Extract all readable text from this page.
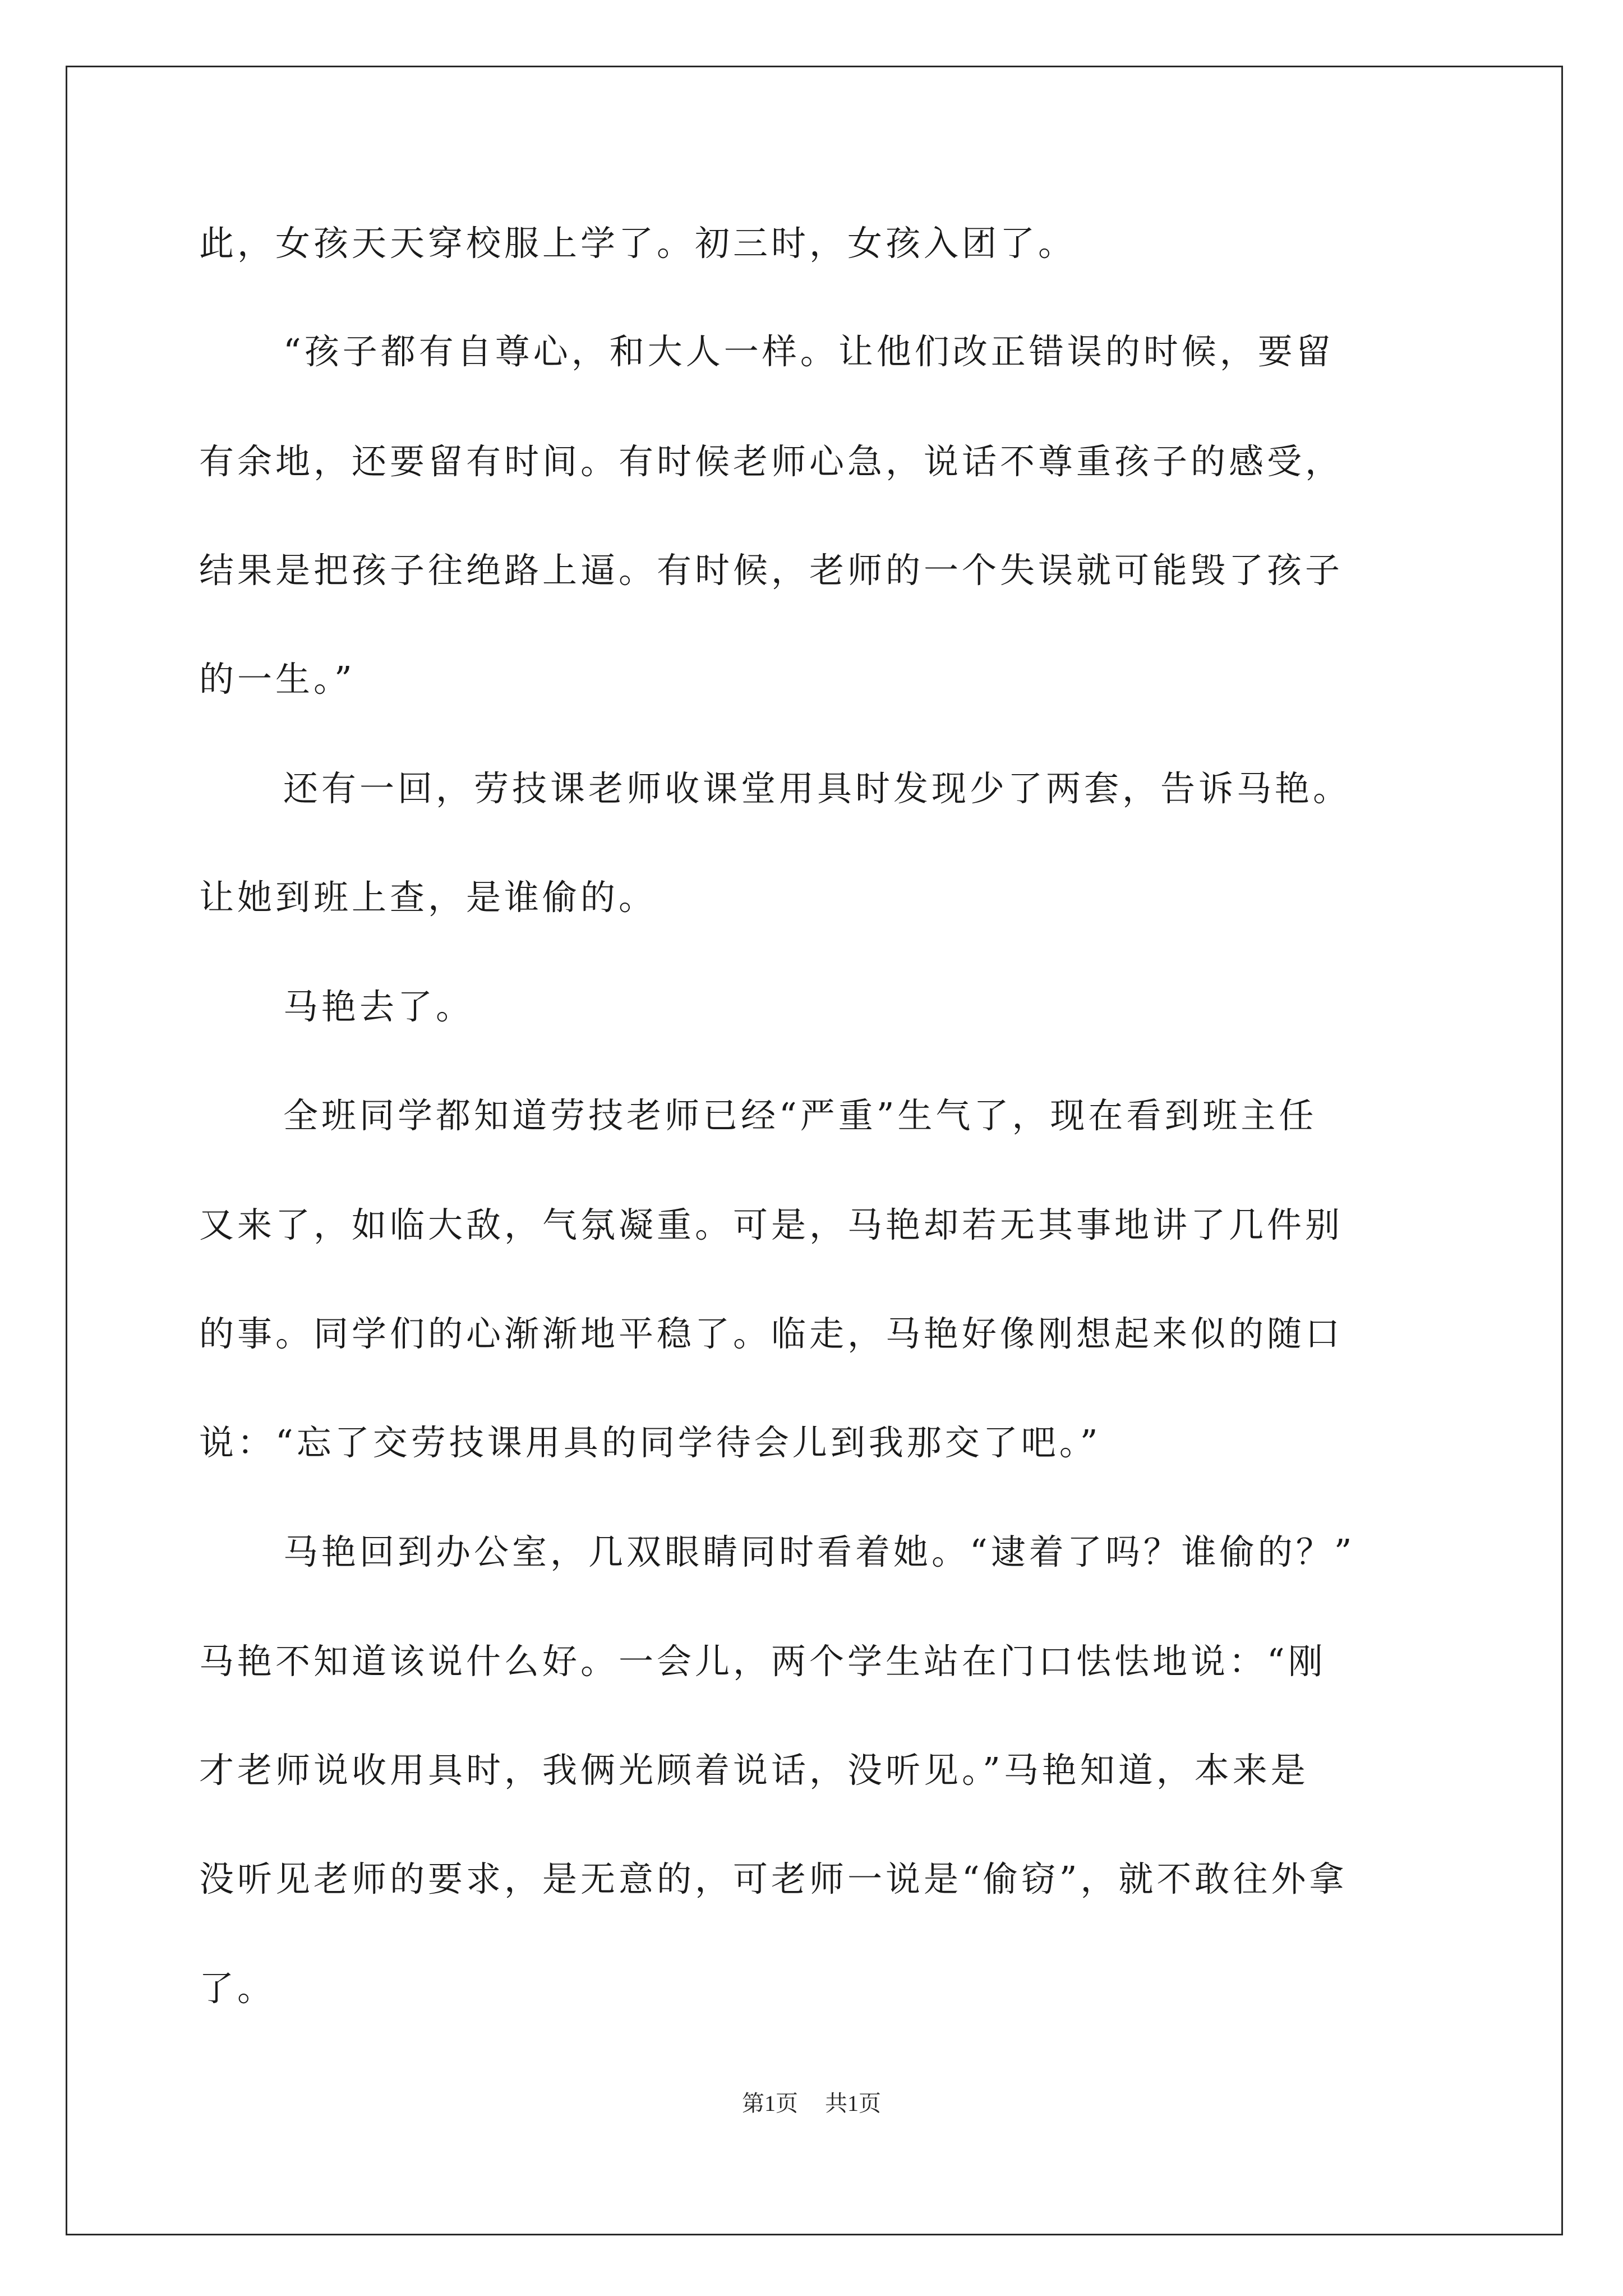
此，女孩天天穿校服上学了。初三时，女孩入团了。
“孩子都有自尊心，和大人一样。让他们改正错误的时候，要留
有余地，还要留有时间。有时候老师心急，说话不尊重孩子的感受，
结果是把孩子往绝路上逼。有时候，老师的一个失误就可能毁了孩子
的一生。”
还有一回，劳技课老师收课堂用具时发现少了两套，告诉马艳。
让她到班上查，是谁偷的。
马艳去了。
全班同学都知道劳技老师已经“严重”生气了，现在看到班主任
又来了，如临大敌，气氛凝重。可是，马艳却若无其事地讲了几件别
的事。同学们的心渐渐地平稳了。临走，马艳好像刚想起来似的随口
说：“忘了交劳技课用具的同学待会儿到我那交了吧。”
马艳回到办公室，几双眼睛同时看着她。“逮着了吗？谁偷的？”
马艳不知道该说什么好。一会儿，两个学生站在门口怯怯地说：“刚
才老师说收用具时，我俩光顾着说话，没听见。”马艳知道，本来是
没听见老师的要求，是无意的，可老师一说是“偷窃”，就不敢往外拿
了。
第1页 共1页
